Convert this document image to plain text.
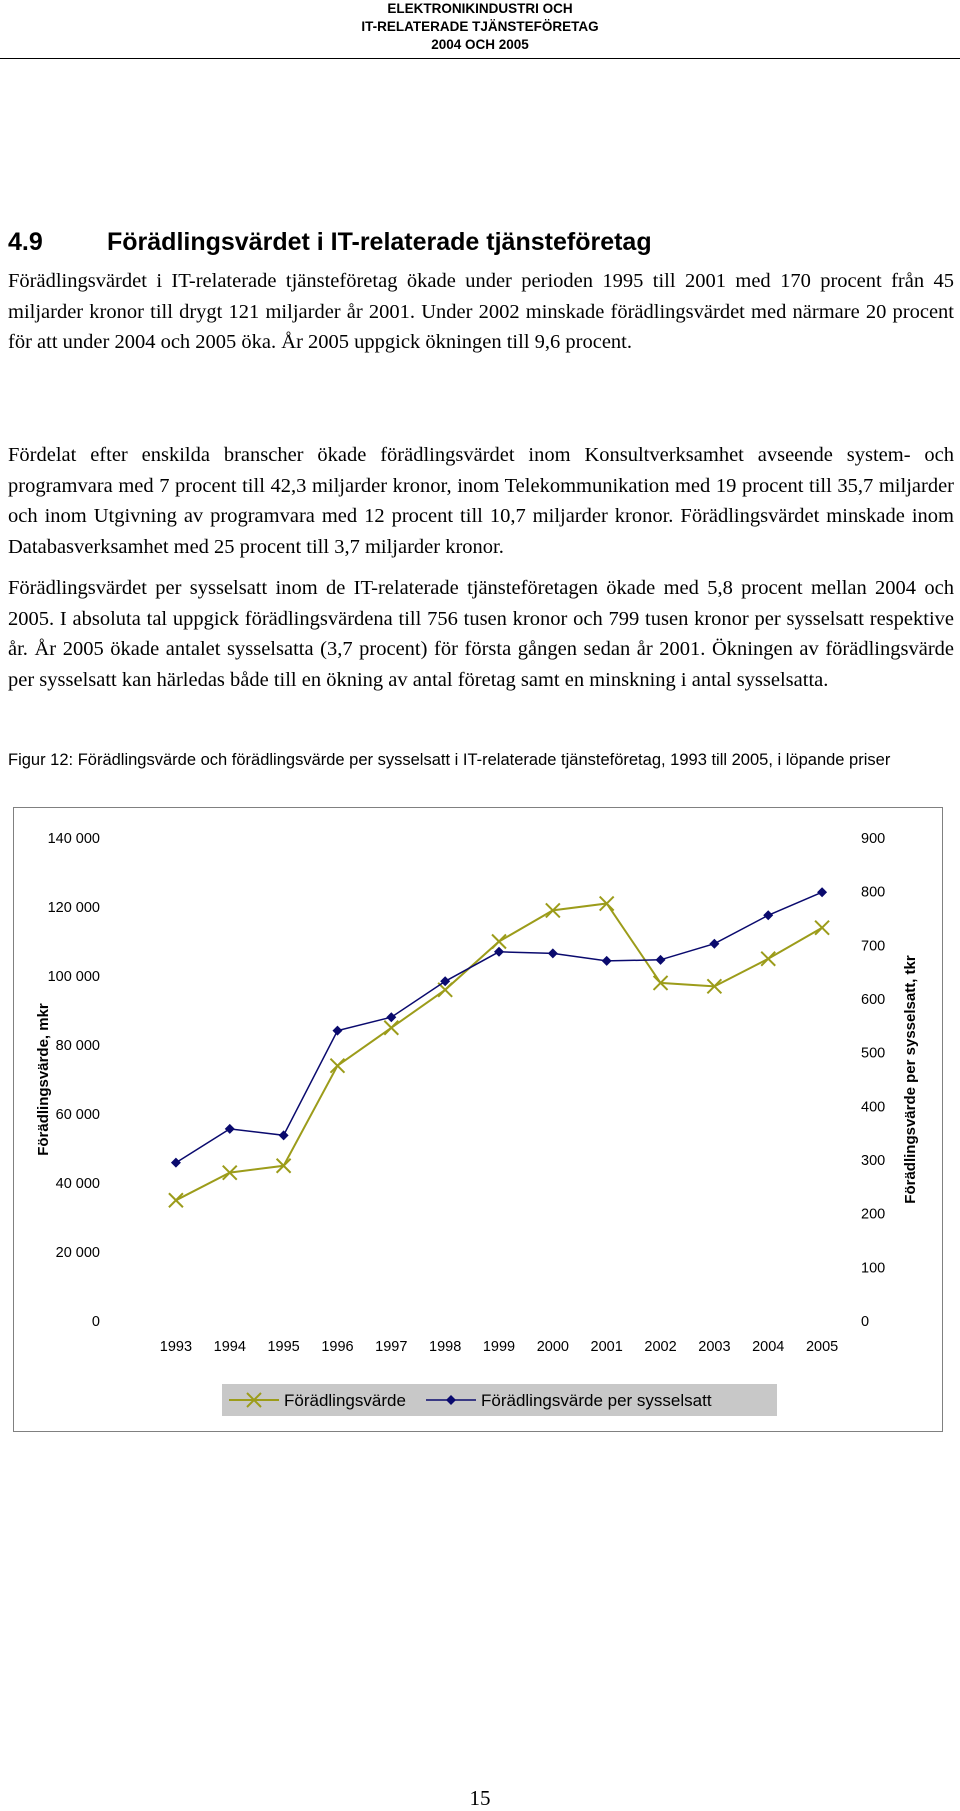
ELEKTRONIKINDUSTRI OCH
IT-RELATERADE TJÄNSTEFÖRETAG
2004 OCH 2005
4.9	Förädlingsvärdet i IT-relaterade tjänsteföretag

Förädlingsvärdet i IT-relaterade tjänsteföretag ökade under perioden 1995 till 2001 med 170 procent från 45 miljarder kronor till drygt 121 miljarder år 2001. Under 2002 minskade förädlingsvärdet med närmare 20 procent för att under 2004 och 2005 öka. År 2005 uppgick ökningen till 9,6 procent.

Fördelat efter enskilda branscher ökade förädlingsvärdet inom Konsultverksamhet avseende system- och programvara med 7 procent till 42,3 miljarder kronor, inom Telekommunikation med 19 procent till 35,7 miljarder och inom Utgivning av programvara med 12 procent till 10,7 miljarder kronor. Förädlingsvärdet minskade inom Databasverksamhet med 25 procent till 3,7 miljarder kronor.

Förädlingsvärdet per sysselsatt inom de IT-relaterade tjänsteföretagen ökade med 5,8 procent mellan 2004 och 2005. I absoluta tal uppgick förädlingsvärdena till 756 tusen kronor och 799 tusen kronor per sysselsatt respektive år. År 2005 ökade antalet sysselsatta (3,7 procent) för första gången sedan år 2001. Ökningen av förädlingsvärde per sysselsatt kan härledas både till en ökning av antal företag samt en minskning i antal sysselsatta.

Figur 12: Förädlingsvärde och förädlingsvärde per sysselsatt i IT-relaterade tjänsteföretag, 1993 till 2005, i löpande priser
0
20 000
40 000
60 000
80 000
100 000
120 000
140 000
0
100
200
300
400
500
600
700
800
900
1993 1994 1995 1996 1997 1998 1999 2000 2001 2002 2003 2004 2005
Förädlingsvärde, mkr	Förädlingsvärde per sysselsatt, tkr
Förädlingsvärde	Förädlingsvärde per sysselsatt
15
